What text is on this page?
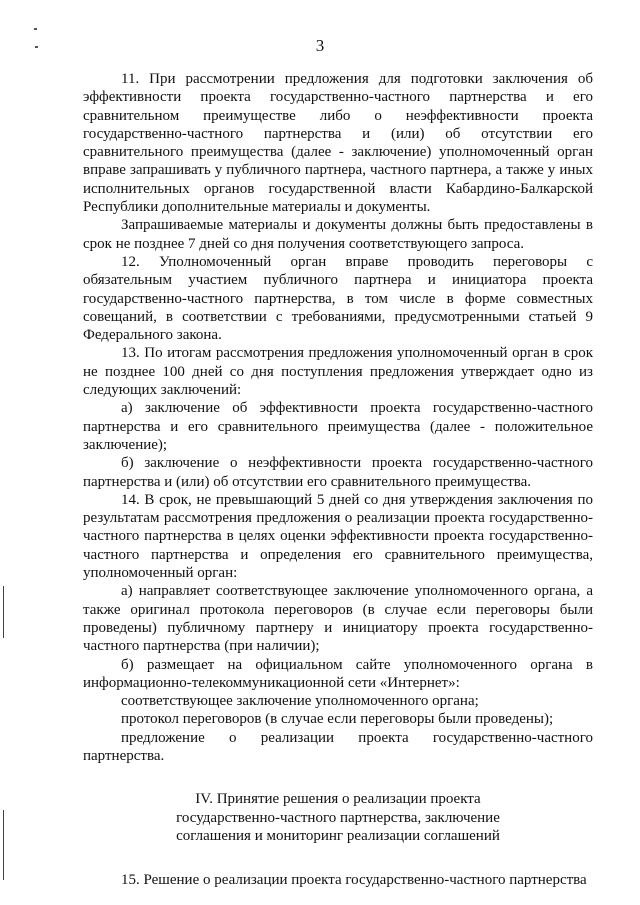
3

11. При рассмотрении предложения для подготовки заключения об эффективности проекта государственно-частного партнерства и его сравнительном преимуществе либо о неэффективности проекта государственно-частного партнерства и (или) об отсутствии его сравнительного преимущества (далее - заключение) уполномоченный орган вправе запрашивать у публичного партнера, частного партнера, а также у иных исполнительных органов государственной власти Кабардино-Балкарской Республики дополнительные материалы и документы.

Запрашиваемые материалы и документы должны быть предоставлены в срок не позднее 7 дней со дня получения соответствующего запроса.

12. Уполномоченный орган вправе проводить переговоры с обязательным участием публичного партнера и инициатора проекта государственно-частного партнерства, в том числе в форме совместных совещаний, в соответствии с требованиями, предусмотренными статьей 9 Федерального закона.

13. По итогам рассмотрения предложения уполномоченный орган в срок не позднее 100 дней со дня поступления предложения утверждает одно из следующих заключений:

а) заключение об эффективности проекта государственно-частного партнерства и его сравнительного преимущества (далее - положительное заключение);

б) заключение о неэффективности проекта государственно-частного партнерства и (или) об отсутствии его сравнительного преимущества.

14. В срок, не превышающий 5 дней со дня утверждения заключения по результатам рассмотрения предложения о реализации проекта государственно-частного партнерства в целях оценки эффективности проекта государственно-частного партнерства и определения его сравнительного преимущества, уполномоченный орган:

а) направляет соответствующее заключение уполномоченного органа, а также оригинал протокола переговоров (в случае если переговоры были проведены) публичному партнеру и инициатору проекта государственно-частного партнерства (при наличии);

б) размещает на официальном сайте уполномоченного органа в информационно-телекоммуникационной сети «Интернет»:

соответствующее заключение уполномоченного органа;

протокол переговоров (в случае если переговоры были проведены);

предложение о реализации проекта государственно-частного партнерства.

IV. Принятие решения о реализации проекта
государственно-частного партнерства, заключение
соглашения и мониторинг реализации соглашений

15. Решение о реализации проекта государственно-частного партнерства
